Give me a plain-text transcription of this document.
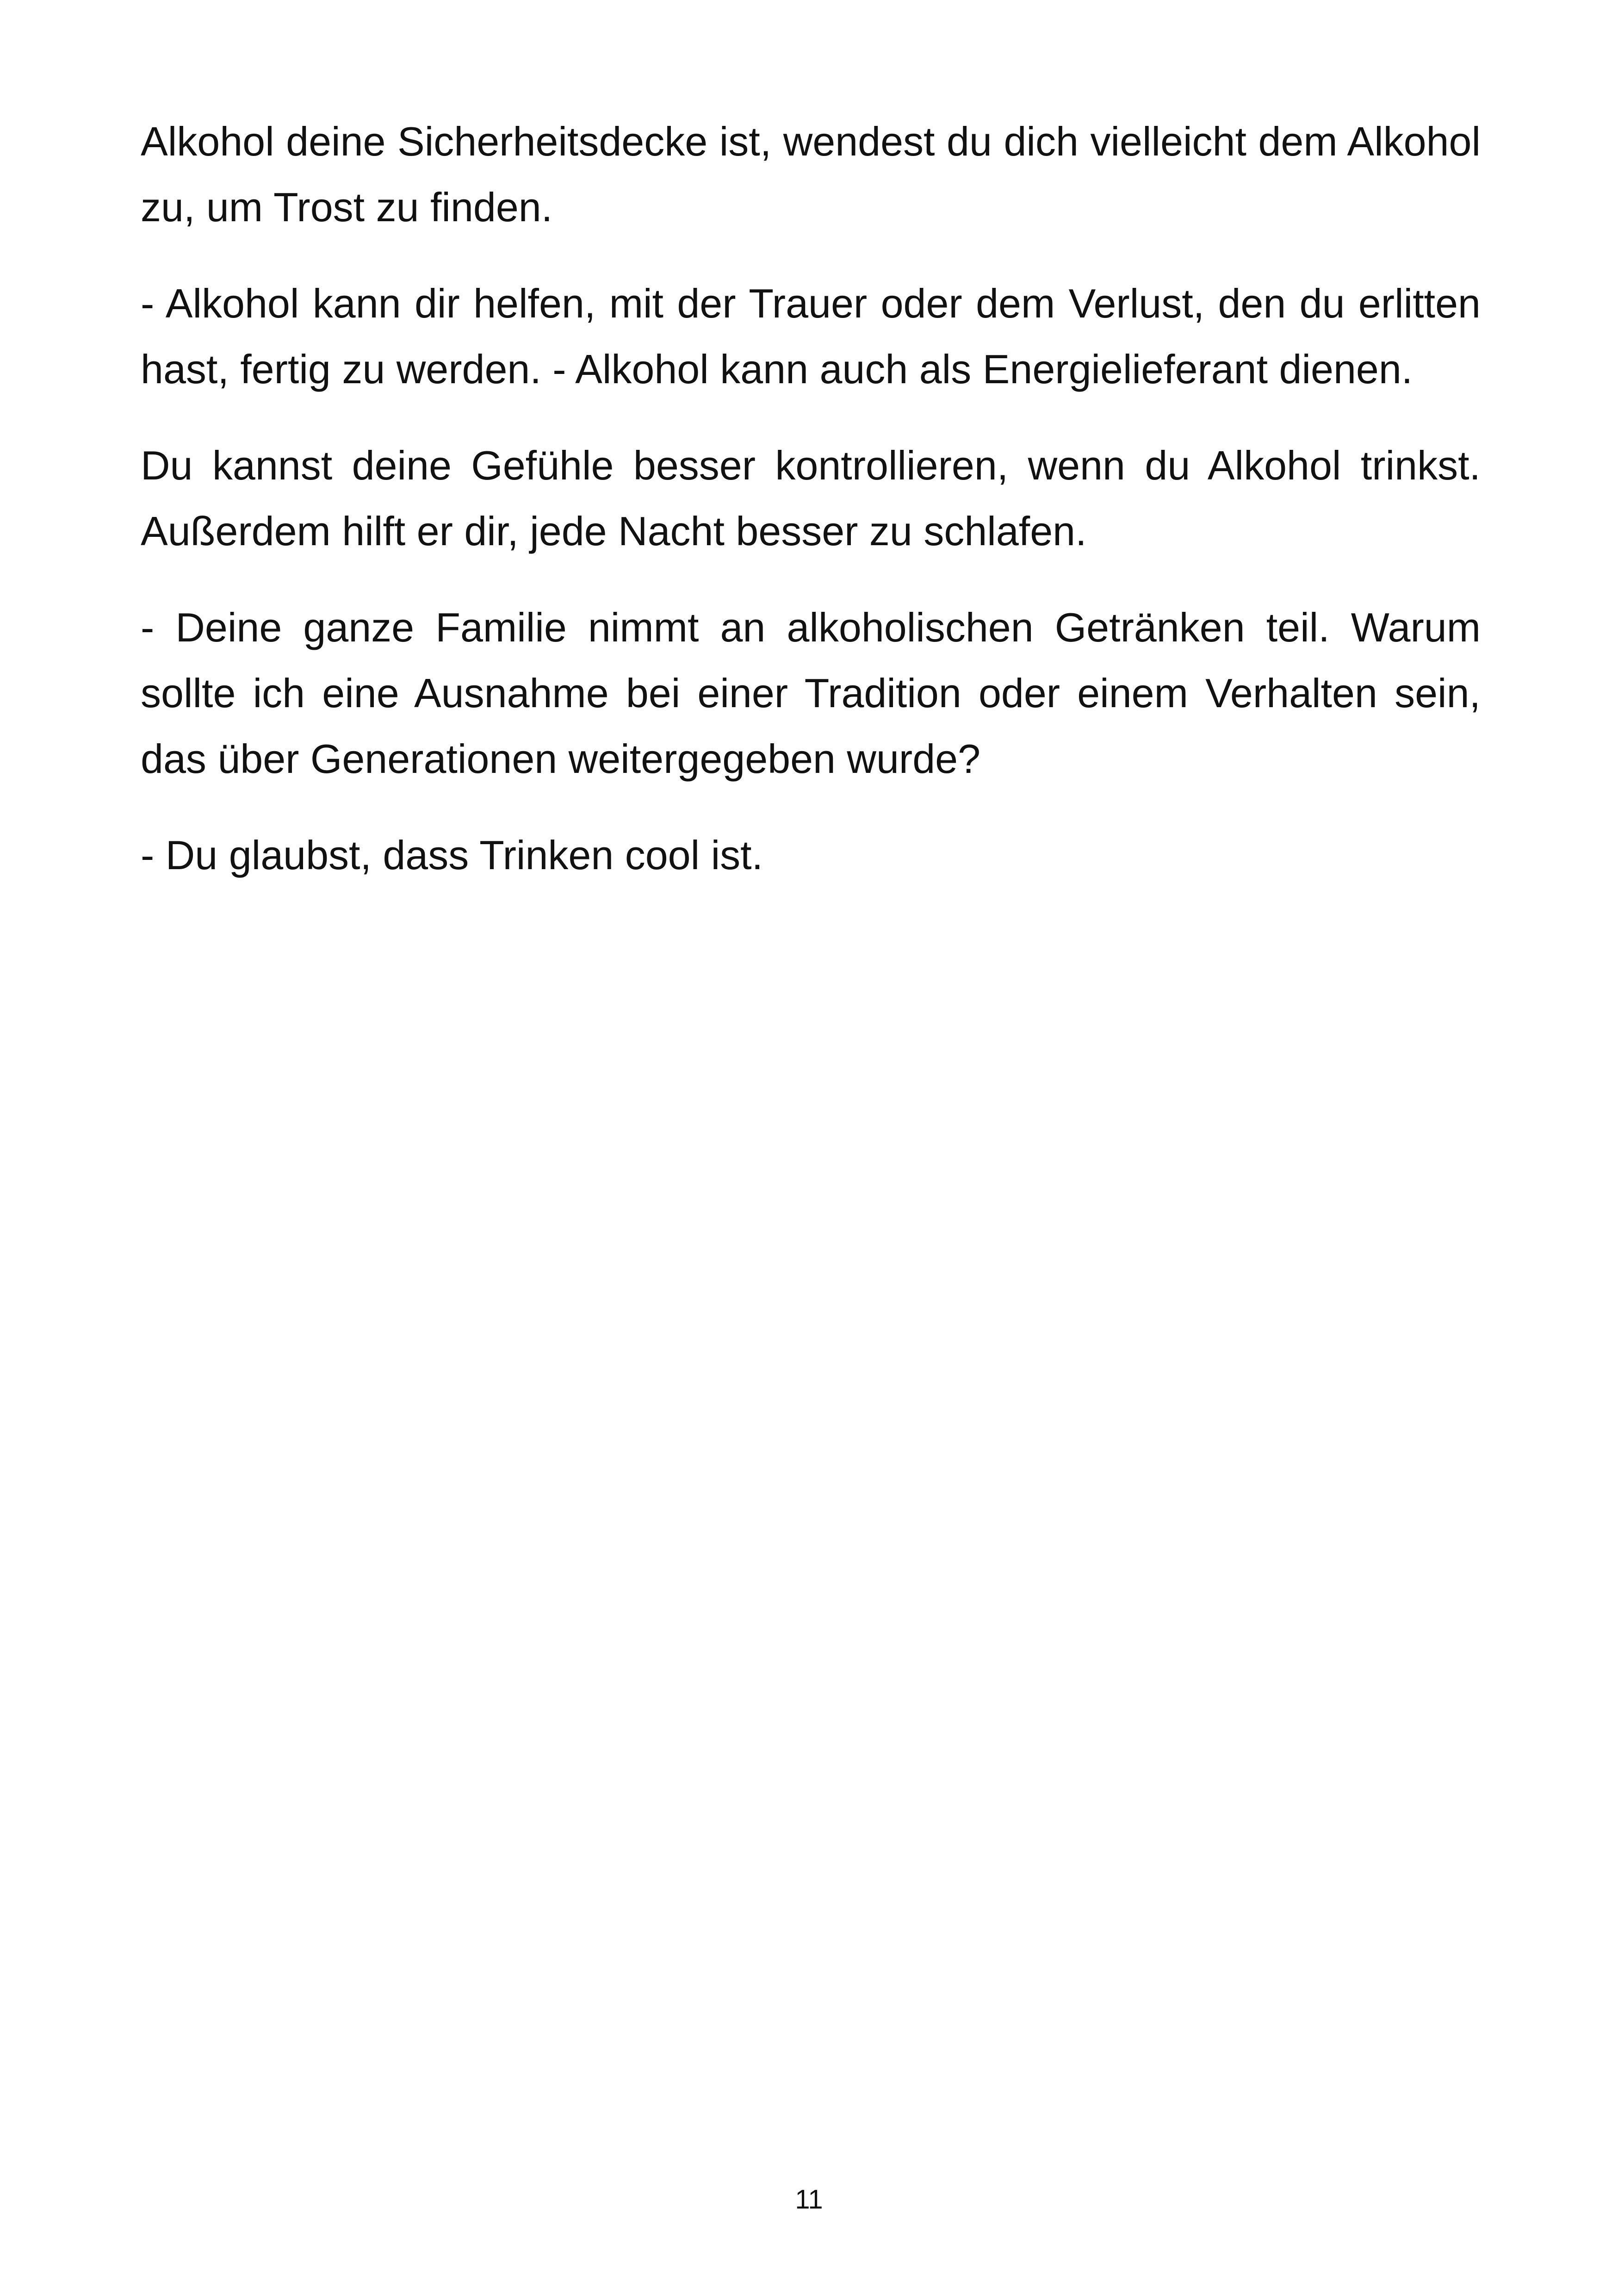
Alkohol deine Sicherheitsdecke ist, wendest du dich vielleicht dem Alkohol zu, um Trost zu finden.

- Alkohol kann dir helfen, mit der Trauer oder dem Verlust, den du erlitten hast, fertig zu werden. - Alkohol kann auch als Energielieferant dienen.

Du kannst deine Gefühle besser kontrollieren, wenn du Alkohol trinkst. Außerdem hilft er dir, jede Nacht besser zu schlafen.

- Deine ganze Familie nimmt an alkoholischen Getränken teil. Warum sollte ich eine Ausnahme bei einer Tradition oder einem Verhalten sein, das über Generationen weitergegeben wurde?

- Du glaubst, dass Trinken cool ist.

11
